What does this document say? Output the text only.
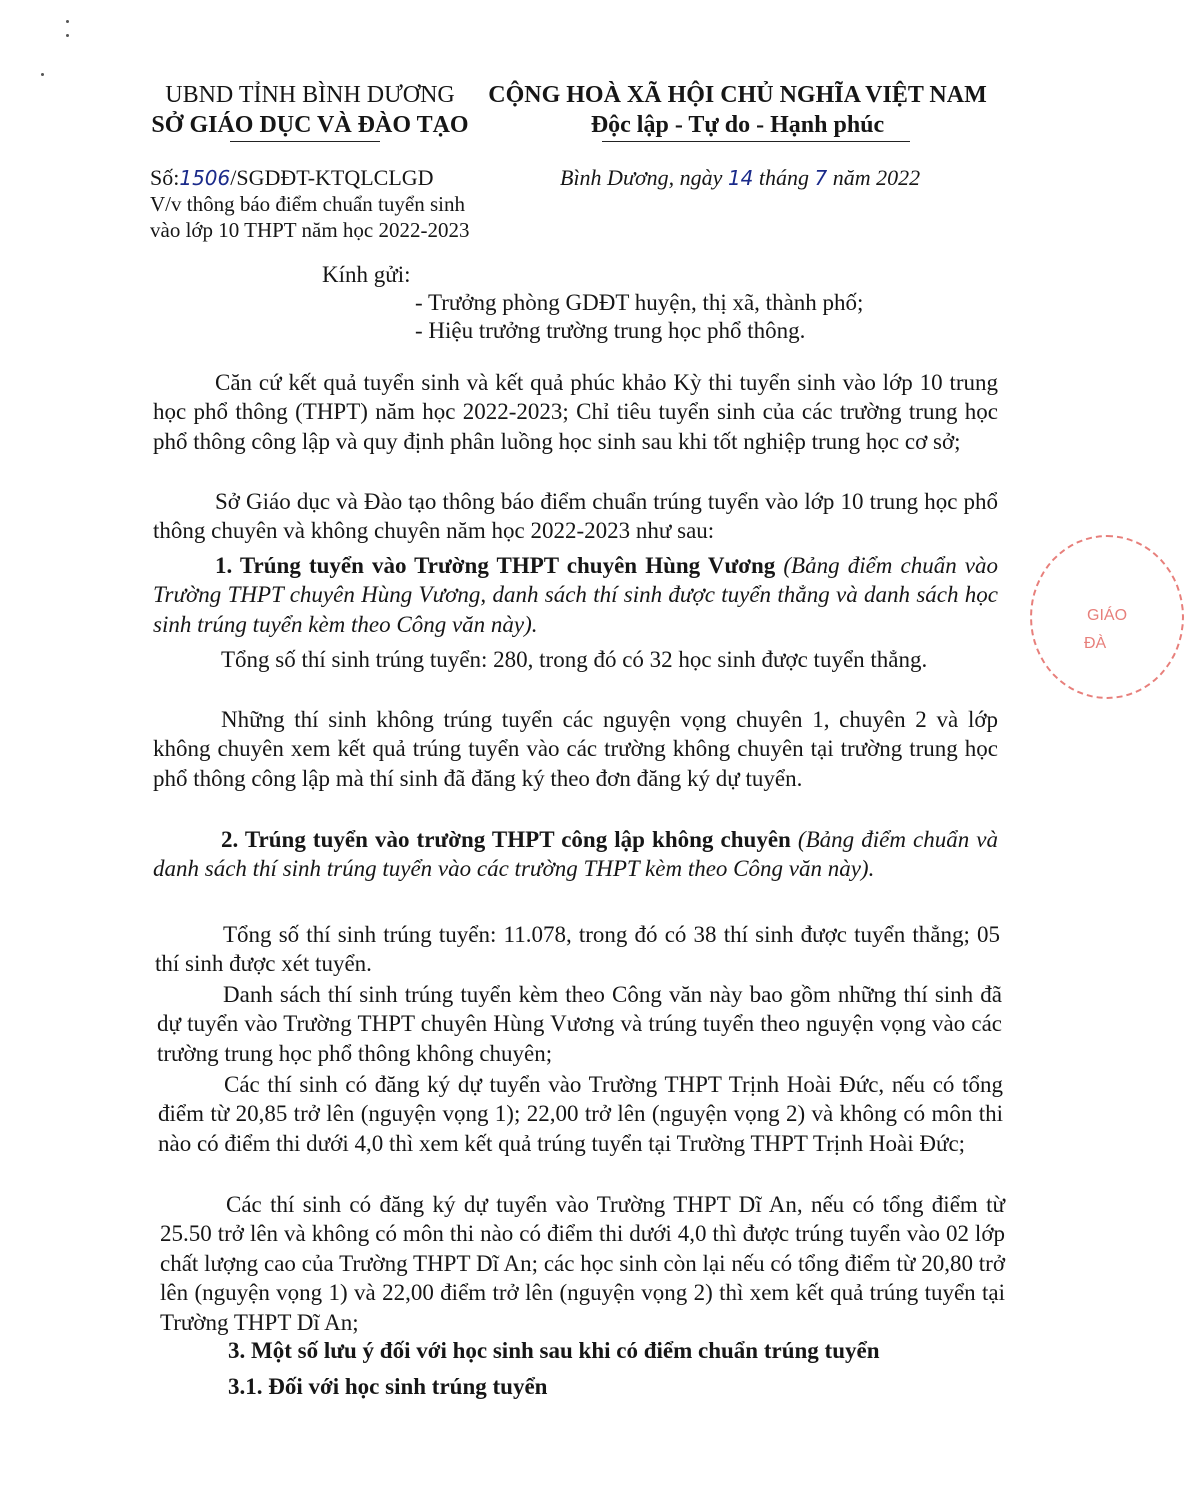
UBND TỈNH BÌNH DƯƠNG
SỞ GIÁO DỤC VÀ ĐÀO TẠO
CỘNG HOÀ XÃ HỘI CHỦ NGHĨA VIỆT NAM
Độc lập - Tự do - Hạnh phúc
Số:1506/SGDĐT-KTQLCLGD
V/v thông báo điểm chuẩn tuyển sinh
vào lớp 10 THPT năm học 2022-2023
Bình Dương, ngày 14 tháng 7 năm 2022
Kính gửi:
- Trưởng phòng GDĐT huyện, thị xã, thành phố;
- Hiệu trưởng trường trung học phổ thông.
Căn cứ kết quả tuyển sinh và kết quả phúc khảo Kỳ thi tuyển sinh vào lớp 10 trung học phổ thông (THPT) năm học 2022-2023; Chỉ tiêu tuyển sinh của các trường trung học phổ thông công lập và quy định phân luồng học sinh sau khi tốt nghiệp trung học cơ sở;
Sở Giáo dục và Đào tạo thông báo điểm chuẩn trúng tuyển vào lớp 10 trung học phổ thông chuyên và không chuyên năm học 2022-2023 như sau:
1. Trúng tuyển vào Trường THPT chuyên Hùng Vương (Bảng điểm chuẩn vào Trường THPT chuyên Hùng Vương, danh sách thí sinh được tuyển thẳng và danh sách học sinh trúng tuyển kèm theo Công văn này).
Tổng số thí sinh trúng tuyển: 280, trong đó có 32 học sinh được tuyển thẳng.
Những thí sinh không trúng tuyển các nguyện vọng chuyên 1, chuyên 2 và lớp không chuyên xem kết quả trúng tuyển vào các trường không chuyên tại trường trung học phổ thông công lập mà thí sinh đã đăng ký theo đơn đăng ký dự tuyển.
2. Trúng tuyển vào trường THPT công lập không chuyên (Bảng điểm chuẩn và danh sách thí sinh trúng tuyển vào các trường THPT kèm theo Công văn này).
Tổng số thí sinh trúng tuyển: 11.078, trong đó có 38 thí sinh được tuyển thẳng; 05 thí sinh được xét tuyển.
Danh sách thí sinh trúng tuyển kèm theo Công văn này bao gồm những thí sinh đã dự tuyển vào Trường THPT chuyên Hùng Vương và trúng tuyển theo nguyện vọng vào các trường trung học phổ thông không chuyên;
Các thí sinh có đăng ký dự tuyển vào Trường THPT Trịnh Hoài Đức, nếu có tổng điểm từ 20,85 trở lên (nguyện vọng 1); 22,00 trở lên (nguyện vọng 2) và không có môn thi nào có điểm thi dưới 4,0 thì xem kết quả trúng tuyển tại Trường THPT Trịnh Hoài Đức;
Các thí sinh có đăng ký dự tuyển vào Trường THPT Dĩ An, nếu có tổng điểm từ 25.50 trở lên và không có môn thi nào có điểm thi dưới 4,0 thì được trúng tuyển vào 02 lớp chất lượng cao của Trường THPT Dĩ An; các học sinh còn lại nếu có tổng điểm từ 20,80 trở lên (nguyện vọng 1) và 22,00 điểm trở lên (nguyện vọng 2) thì xem kết quả trúng tuyển tại Trường THPT Dĩ An;
3. Một số lưu ý đối với học sinh sau khi có điểm chuẩn trúng tuyển
3.1. Đối với học sinh trúng tuyển
GIÁO
ĐÀ
